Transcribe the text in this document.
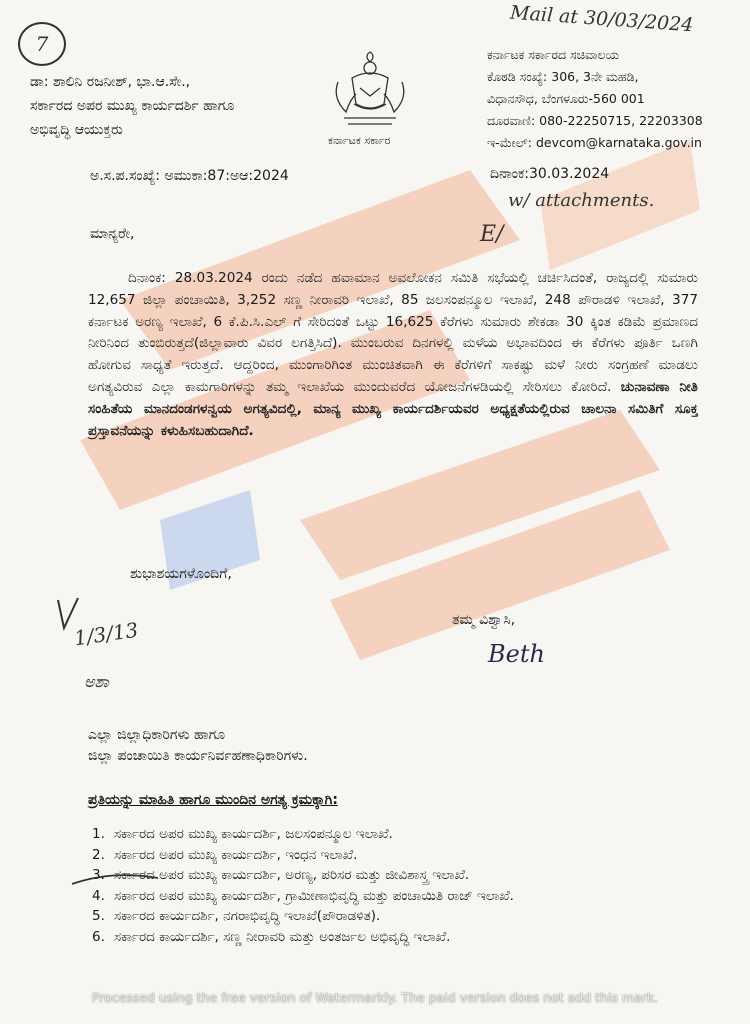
Mail at 30/03/2024
7
w/ attachments.
E/
ಡಾ: ಶಾಲಿನಿ ರಜನೀಶ್, ಭಾ.ಆ.ಸೇ.,
ಸರ್ಕಾರದ ಅಪರ ಮುಖ್ಯ ಕಾರ್ಯದರ್ಶಿ ಹಾಗೂ
ಅಭಿವೃದ್ಧಿ ಆಯುಕ್ತರು
ಕರ್ನಾಟಕ ಸರ್ಕಾರ
ಕರ್ನಾಟಕ ಸರ್ಕಾರದ ಸಚಿವಾಲಯ
ಕೊಠಡಿ ಸಂಖ್ಯೆ: 306, 3ನೇ ಮಹಡಿ,
ವಿಧಾನಸೌಧ, ಬೆಂಗಳೂರು-560 001
ದೂರವಾಣಿ: 080-22250715, 22203308
ಇ-ಮೇಲ್: devcom@karnataka.gov.in
ಅ.ಸ.ಪ.ಸಂಖ್ಯೆ: ಅಮುಕಾ:87:ಅಆ:2024	ದಿನಾಂಕ:30.03.2024
ಮಾನ್ಯರೇ,
ದಿನಾಂಕ: 28.03.2024 ರಂದು ನಡೆದ ಹವಾಮಾನ ಅವಲೋಕನ ಸಮಿತಿ ಸಭೆಯಲ್ಲಿ ಚರ್ಚಿಸಿದಂತೆ, ರಾಜ್ಯದಲ್ಲಿ ಸುಮಾರು 12,657 ಜಿಲ್ಲಾ ಪಂಚಾಯಿತಿ, 3,252 ಸಣ್ಣ ನೀರಾವರಿ ಇಲಾಖೆ, 85 ಜಲಸಂಪನ್ಮೂಲ ಇಲಾಖೆ, 248 ಪೌರಾಡಳಿ ಇಲಾಖೆ, 377 ಕರ್ನಾಟಕ ಅರಣ್ಯ ಇಲಾಖೆ, 6 ಕೆ.ಪಿ.ಸಿ.ಎಲ್ ಗೆ ಸೇರಿದಂತೆ ಒಟ್ಟು 16,625 ಕೆರೆಗಳು ಸುಮಾರು ಶೇಕಡಾ 30 ಕ್ಕಿಂತ ಕಡಿಮೆ ಪ್ರಮಾಣದ ನೀರಿನಿಂದ ತುಂಬಿರುತ್ತದೆ(ಜಿಲ್ಲಾವಾರು ವಿವರ ಲಗತ್ತಿಸಿದೆ). ಮುಂಬರುವ ದಿನಗಳಲ್ಲಿ ಮಳೆಯ ಅಭಾವದಿಂದ ಈ ಕೆರೆಗಳು ಪೂರ್ತಿ ಒಣಗಿ ಹೋಗುವ ಸಾಧ್ಯತೆ ಇರುತ್ತದೆ. ಆದ್ದರಿಂದ, ಮುಂಗಾರಿಗಿಂತ ಮುಂಚಿತವಾಗಿ ಈ ಕೆರೆಗಳಿಗೆ ಸಾಕಷ್ಟು ಮಳೆ ನೀರು ಸಂಗ್ರಹಣೆ ಮಾಡಲು ಅಗತ್ಯವಿರುವ ಎಲ್ಲಾ ಕಾಮಗಾರಿಗಳನ್ನು ತಮ್ಮ ಇಲಾಖೆಯ ಮುಂದುವರೆದ ಯೋಜನೆಗಳಡಿಯಲ್ಲಿ ಸೇರಿಸಲು ಕೋರಿದೆ. ಚುನಾವಣಾ ನೀತಿ ಸಂಹಿತೆಯ ಮಾನದಂಡಗಳನ್ವಯ ಅಗತ್ಯವಿದಲ್ಲಿ, ಮಾನ್ಯ ಮುಖ್ಯ ಕಾರ್ಯದರ್ಶಿಯವರ ಅಧ್ಯಕ್ಷತೆಯಲ್ಲಿರುವ ಚಾಲನಾ ಸಮಿತಿಗೆ ಸೂಕ್ತ ಪ್ರಸ್ತಾವನೆಯನ್ನು ಕಳುಹಿಸಬಹುದಾಗಿದೆ.
ಶುಭಾಶಯಗಳೊಂದಿಗೆ,
ತಮ್ಮ ವಿಶ್ವಾಸಿ,
Beth
1/3/13
ಅಶಾ
ಎಲ್ಲಾ ಜಿಲ್ಲಾಧಿಕಾರಿಗಳು ಹಾಗೂ
ಜಿಲ್ಲಾ ಪಂಚಾಯಿತಿ ಕಾರ್ಯನಿರ್ವಹಣಾಧಿಕಾರಿಗಳು.
ಪ್ರತಿಯನ್ನು ಮಾಹಿತಿ ಹಾಗೂ ಮುಂದಿನ ಅಗತ್ಯ ಕ್ರಮಕ್ಕಾಗಿ:
1. ಸರ್ಕಾರದ ಅಪರ ಮುಖ್ಯ ಕಾರ್ಯದರ್ಶಿ, ಜಲಸಂಪನ್ಮೂಲ ಇಲಾಖೆ.
2. ಸರ್ಕಾರದ ಅಪರ ಮುಖ್ಯ ಕಾರ್ಯದರ್ಶಿ, ಇಂಧನ ಇಲಾಖೆ.
3. ಸರ್ಕಾರದ ಅಪರ ಮುಖ್ಯ ಕಾರ್ಯದರ್ಶಿ, ಅರಣ್ಯ, ಪರಿಸರ ಮತ್ತು ಜೀವಿಶಾಸ್ತ್ರ ಇಲಾಖೆ.
4. ಸರ್ಕಾರದ ಅಪರ ಮುಖ್ಯ ಕಾರ್ಯದರ್ಶಿ, ಗ್ರಾಮೀಣಾಭಿವೃದ್ಧಿ ಮತ್ತು ಪಂಚಾಯಿತಿ ರಾಜ್ ಇಲಾಖೆ.
5. ಸರ್ಕಾರದ ಕಾರ್ಯದರ್ಶಿ, ನಗರಾಭಿವೃದ್ಧಿ ಇಲಾಖೆ(ಪೌರಾಡಳಿತ).
6. ಸರ್ಕಾರದ ಕಾರ್ಯದರ್ಶಿ, ಸಣ್ಣ ನೀರಾವರಿ ಮತ್ತು ಅಂತರ್ಜಲ ಅಭಿವೃದ್ಧಿ ಇಲಾಖೆ.
Processed using the free version of Watermarkly. The paid version does not add this mark.
